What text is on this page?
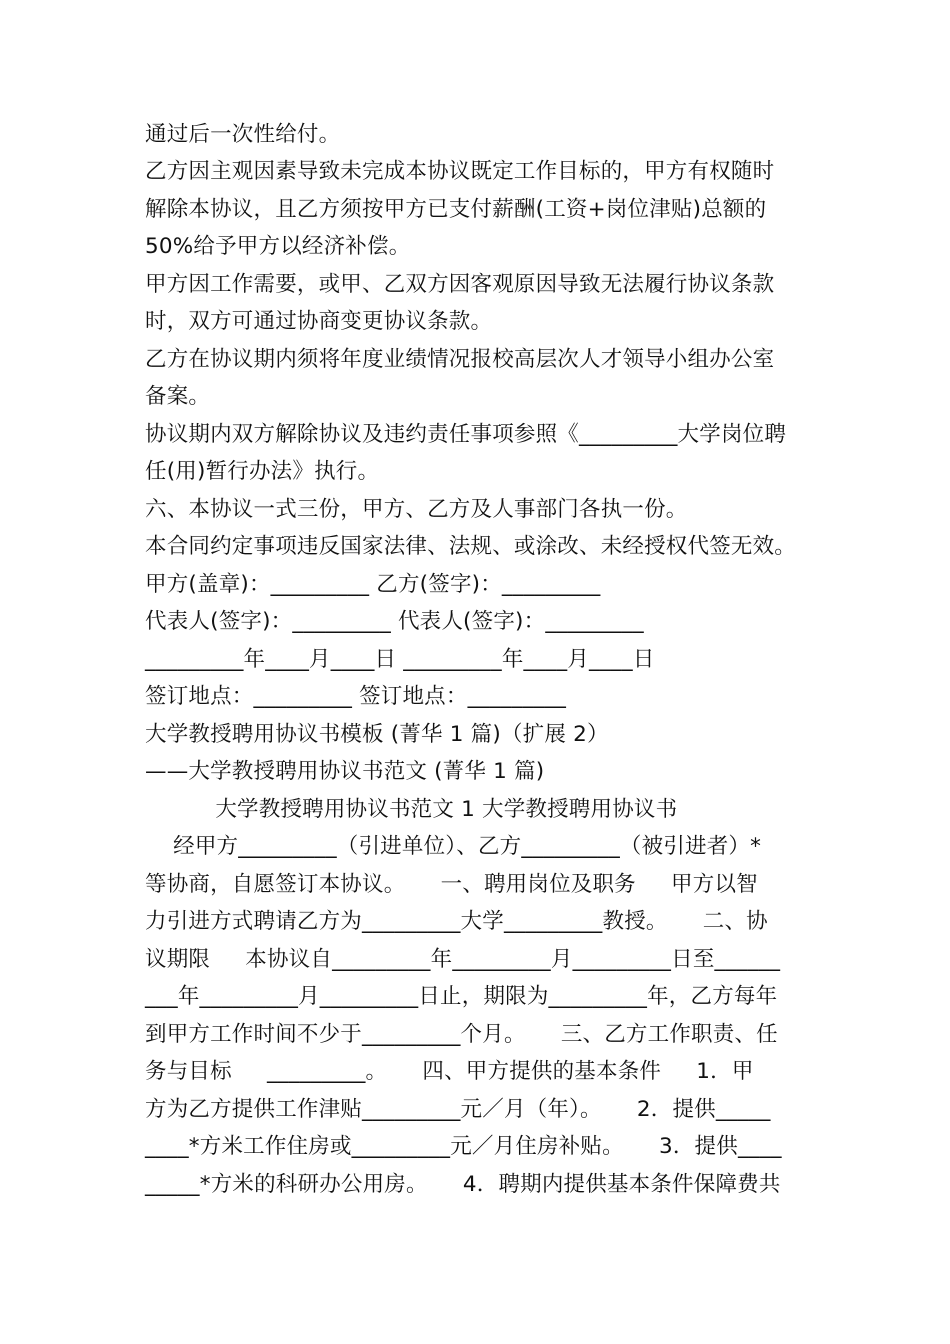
通过后一次性给付。
乙方因主观因素导致未完成本协议既定工作目标的，甲方有权随时
解除本协议，且乙方须按甲方已支付薪酬(工资+岗位津贴)总额的
50%给予甲方以经济补偿。
甲方因工作需要，或甲、乙双方因客观原因导致无法履行协议条款
时，双方可通过协商变更协议条款。
乙方在协议期内须将年度业绩情况报校高层次人才领导小组办公室
备案。
协议期内双方解除协议及违约责任事项参照《_________大学岗位聘
任(用)暂行办法》执行。
六、本协议一式三份，甲方、乙方及人事部门各执一份。
本合同约定事项违反国家法律、法规、或涂改、未经授权代签无效。
甲方(盖章)：_________ 乙方(签字)：_________
代表人(签字)：_________ 代表人(签字)：_________
_________年____月____日 _________年____月____日
签订地点：_________ 签订地点：_________
大学教授聘用协议书模板 (菁华 1 篇)（扩展 2）
——大学教授聘用协议书范文 (菁华 1 篇)
大学教授聘用协议书范文 1 大学教授聘用协议书
经甲方_________（引进单位）、乙方_________（被引进者）*
等协商，自愿签订本协议。     一、聘用岗位及职务     甲方以智
力引进方式聘请乙方为_________大学_________教授。     二、协
议期限     本协议自_________年_________月_________日至______
___年_________月_________日止，期限为_________年，乙方每年
到甲方工作时间不少于_________个月。     三、乙方工作职责、任
务与目标     _________。     四、甲方提供的基本条件     1．甲
方为乙方提供工作津贴_________元／月（年）。     2．提供_____
____*方米工作住房或_________元／月住房补贴。     3．提供____
_____*方米的科研办公用房。     4．聘期内提供基本条件保障费共
